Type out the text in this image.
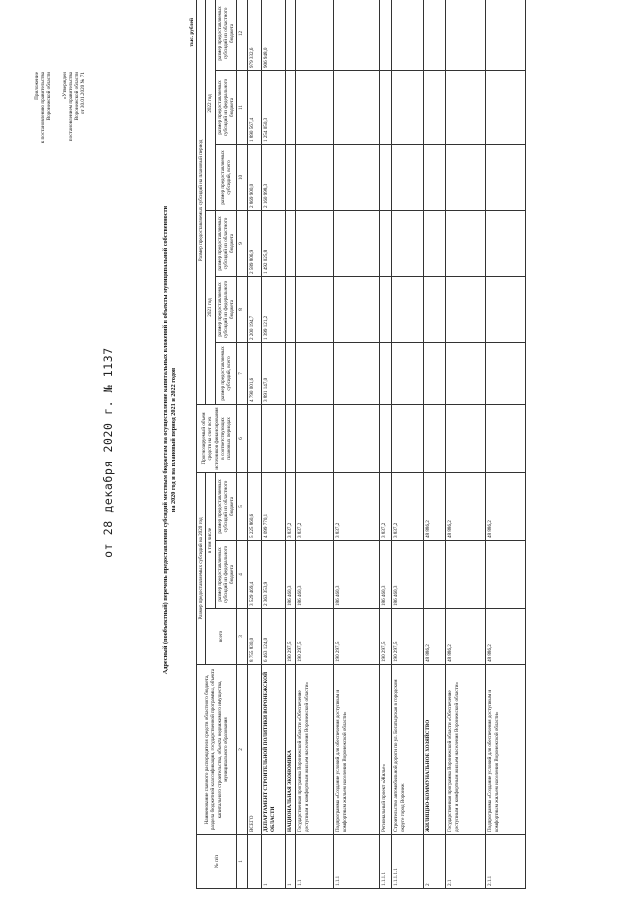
Приложение к постановлению правительства Воронежской области «Утвержден постановлением правительства Воронежской области от 30.01.2020 № 71
от 28 декабря 2020 г. № 1137	Адресный (пообъектный) перечень предоставления субсидий местным бюджетам на осуществление капитальных вложений в объекты муниципальной собственности на 2020 год и на плановый период 2021 и 2022 годов
тыс. рублей
№ п/п	Наименование главного распорядителя средств областного бюджета, раздела бюджетной классификации, государственной программы, объекта капитального строительства, объекта недвижимого имущества, муниципального образования	Размер предоставляемых субсидий на 2020 год			Прогнозируемый объем средств на счет всех источников финансирования в соответствующих плановых периодах	Размер предоставляемых субсидий на плановый период					
		всего	в том числе			2021 год			2022 год		
			размер предоставляемых субсидий из федерального бюджета	размер предоставляемых субсидий из областного бюджета		размер предоставляемых субсидий, всего	размер предоставляемых субсидий из федерального бюджета	размер предоставляемых субсидий из областного бюджета	размер предоставляемых субсидий, всего	размер предоставляемых субсидий из федерального бюджета	размер предоставляемых субсидий из областного бюджета
1	2	3	4	5	6	7	8	9	10	11	12
	ВСЕГО	8 755 830,0	3 529 469,4	5 225 860,6		4 790 001,6	2 200 194,7	2 589 806,9	2 869 900,0	1 890 567,4	979 332,6
1	ДЕПАРТАМЕНТ СТРОИТЕЛЬНОЙ ПОЛИТИКИ ВОРОНЕЖСКОЙ ОБЛАСТИ	6 463 124,0	2 363 353,9	4 099 770,1		3 891 147,0	1 399 121,2	1 492 025,8	2 160 998,3	1 254 050,3	906 948,0
1	НАЦИОНАЛЬНАЯ ЭКОНОМИКА	190 297,5	186 460,3	3 837,2							
1.1	Государственная программа Воронежской области «Обеспечение доступным и комфортным жильем населения Воронежской области»	190 297,5	186 460,3	3 837,2							
1.1.1	Подпрограмма «Создание условий для обеспечения доступным и комфортным жильем населения Воронежской области»	190 297,5	186 460,3	3 837,2							
1.1.1.1	Региональный проект «Жилье»	190 297,5	186 460,3	3 837,2							
1.1.1.1.1	Строительство автомобильной дороги по ул. Богатырская в городском округе город Воронеж	190 297,5	186 460,3	3 837,2							
2	ЖИЛИЩНО-КОММУНАЛЬНОЕ ХОЗЯЙСТВО	48 886,2		48 886,2							
2.1	Государственная программа Воронежской области «Обеспечение доступным и комфортным жильем населения Воронежской области»	48 886,2		48 886,2							
2.1.1	Подпрограмма «Создание условий для обеспечения доступным и комфортным жильем населения Воронежской области»	48 886,2		48 886,2							
